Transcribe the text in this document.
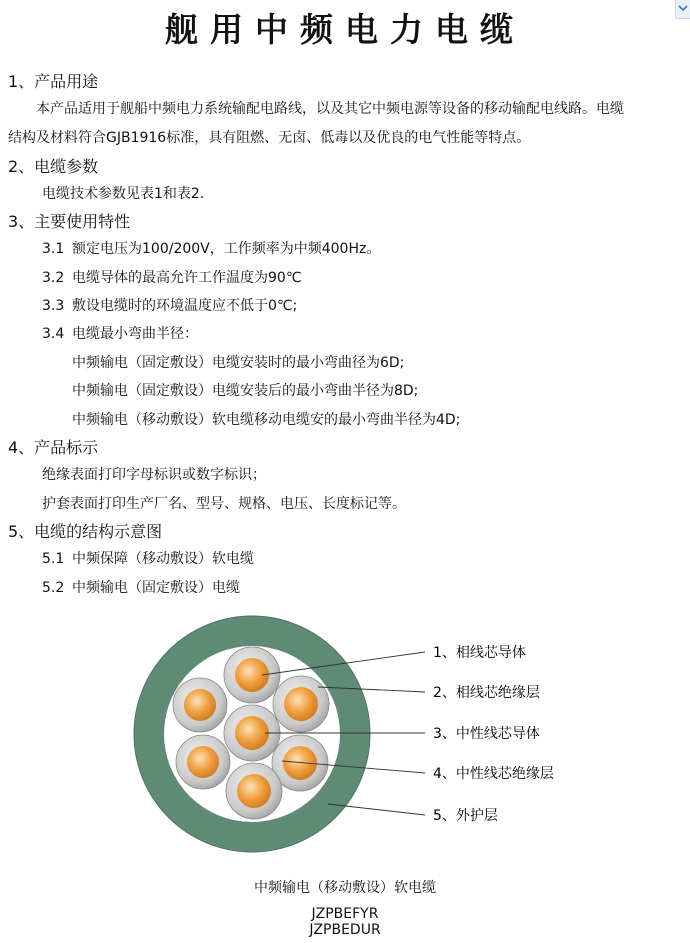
舰用中频电力电缆
1、产品用途
本产品适用于舰船中频电力系统输配电路线，以及其它中频电源等设备的移动输配电线路。电缆
结构及材料符合GJB1916标准，具有阻燃、无卤、低毒以及优良的电气性能等特点。
2、电缆参数
电缆技术参数见表1和表2.
3、主要使用特性
3.1 额定电压为100/200V，工作频率为中频400Hz。
3.2 电缆导体的最高允许工作温度为90℃
3.3 敷设电缆时的环境温度应不低于0℃;
3.4 电缆最小弯曲半径：
中频输电（固定敷设）电缆安装时的最小弯曲径为6D;
中频输电（固定敷设）电缆安装后的最小弯曲半径为8D;
中频输电（移动敷设）软电缆移动电缆安的最小弯曲半径为4D;
4、产品标示
绝缘表面打印字母标识或数字标识；
护套表面打印生产厂名、型号、规格、电压、长度标记等。
5、电缆的结构示意图
5.1 中频保障（移动敷设）软电缆
5.2 中频输电（固定敷设）电缆
1、相线芯导体
2、相线芯绝缘层
3、中性线芯导体
4、中性线芯绝缘层
5、外护层
中频输电（移动敷设）软电缆
JZPBEFYR
JZPBEDUR
